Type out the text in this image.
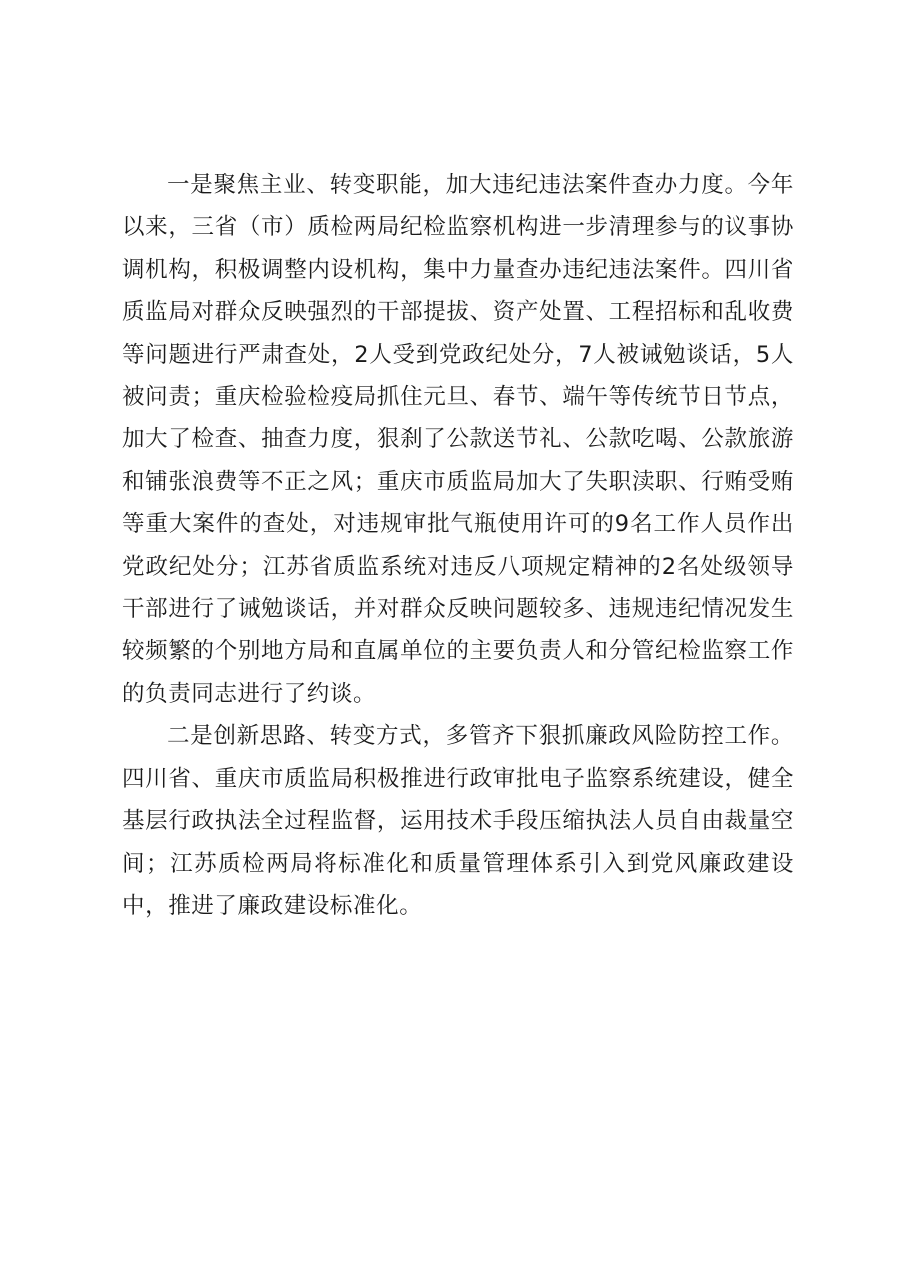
一是聚焦主业、转变职能，加大违纪违法案件查办力度。今年以来，三省（市）质检两局纪检监察机构进一步清理参与的议事协调机构，积极调整内设机构，集中力量查办违纪违法案件。四川省质监局对群众反映强烈的干部提拔、资产处置、工程招标和乱收费等问题进行严肃查处，2人受到党政纪处分，7人被诫勉谈话，5人被问责；重庆检验检疫局抓住元旦、春节、端午等传统节日节点，加大了检查、抽查力度，狠刹了公款送节礼、公款吃喝、公款旅游和铺张浪费等不正之风；重庆市质监局加大了失职渎职、行贿受贿等重大案件的查处，对违规审批气瓶使用许可的9名工作人员作出党政纪处分；江苏省质监系统对违反八项规定精神的2名处级领导干部进行了诫勉谈话，并对群众反映问题较多、违规违纪情况发生较频繁的个别地方局和直属单位的主要负责人和分管纪检监察工作的负责同志进行了约谈。

二是创新思路、转变方式，多管齐下狠抓廉政风险防控工作。四川省、重庆市质监局积极推进行政审批电子监察系统建设，健全基层行政执法全过程监督，运用技术手段压缩执法人员自由裁量空间；江苏质检两局将标准化和质量管理体系引入到党风廉政建设中，推进了廉政建设标准化。
